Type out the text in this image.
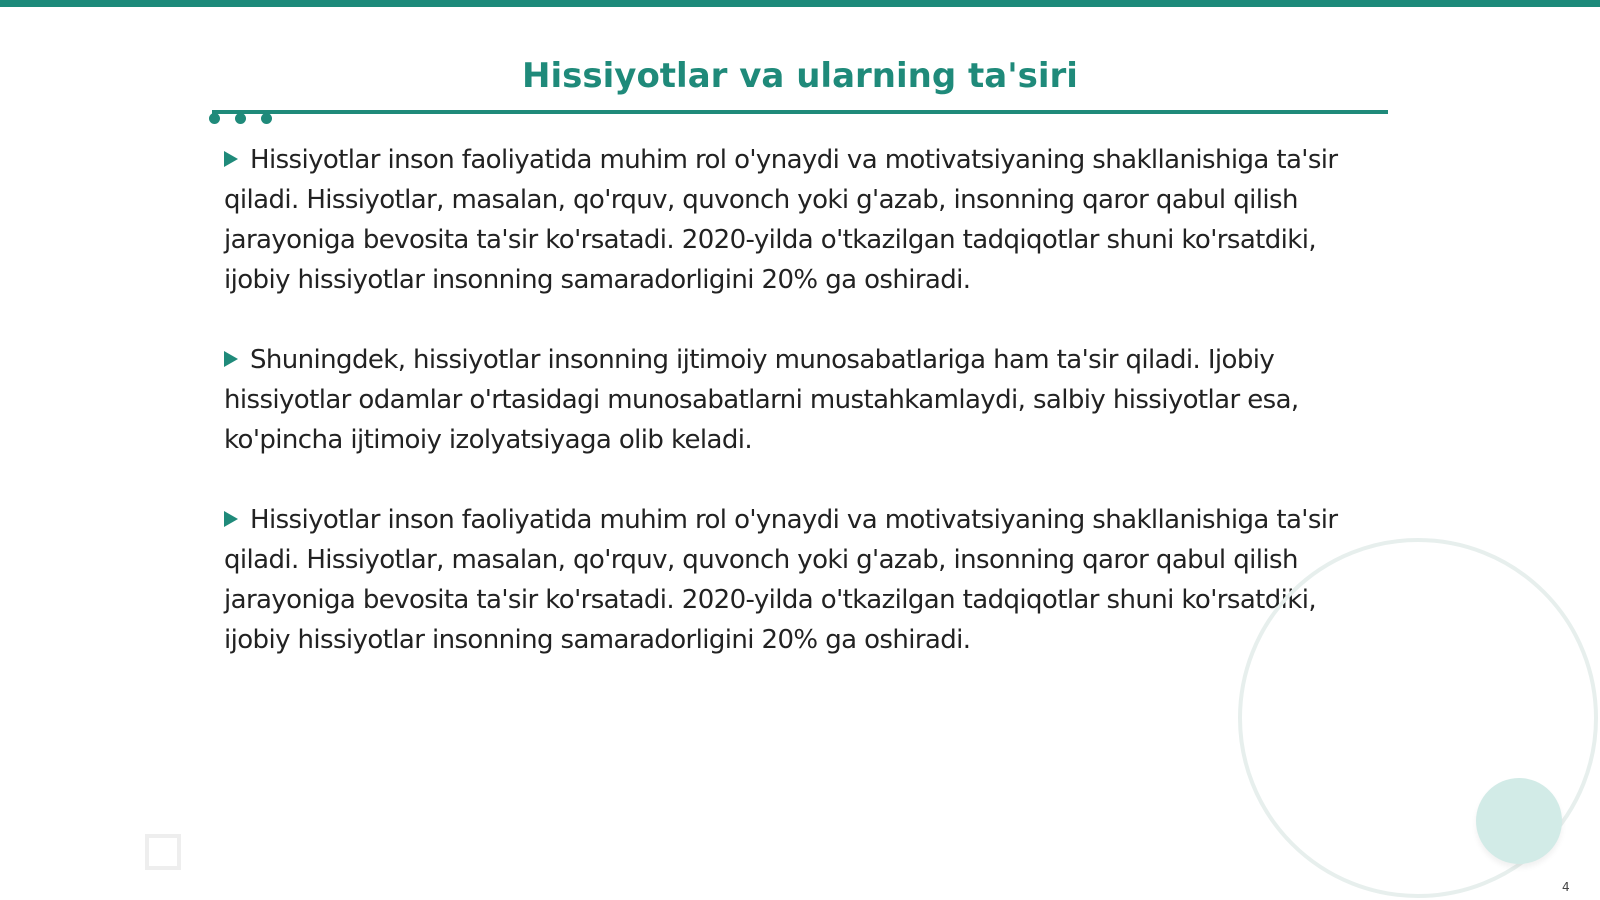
Hissiyotlar va ularning ta'siri

Hissiyotlar inson faoliyatida muhim rol o'ynaydi va motivatsiyaning shakllanishiga ta'sir qiladi. Hissiyotlar, masalan, qo'rquv, quvonch yoki g'azab, insonning qaror qabul qilish jarayoniga bevosita ta'sir ko'rsatadi. 2020-yilda o'tkazilgan tadqiqotlar shuni ko'rsatdiki, ijobiy hissiyotlar insonning samaradorligini 20% ga oshiradi.

Shuningdek, hissiyotlar insonning ijtimoiy munosabatlariga ham ta'sir qiladi. Ijobiy hissiyotlar odamlar o'rtasidagi munosabatlarni mustahkamlaydi, salbiy hissiyotlar esa, ko'pincha ijtimoiy izolyatsiyaga olib keladi.

Hissiyotlar inson faoliyatida muhim rol o'ynaydi va motivatsiyaning shakllanishiga ta'sir qiladi. Hissiyotlar, masalan, qo'rquv, quvonch yoki g'azab, insonning qaror qabul qilish jarayoniga bevosita ta'sir ko'rsatadi. 2020-yilda o'tkazilgan tadqiqotlar shuni ko'rsatdiki, ijobiy hissiyotlar insonning samaradorligini 20% ga oshiradi.

4
